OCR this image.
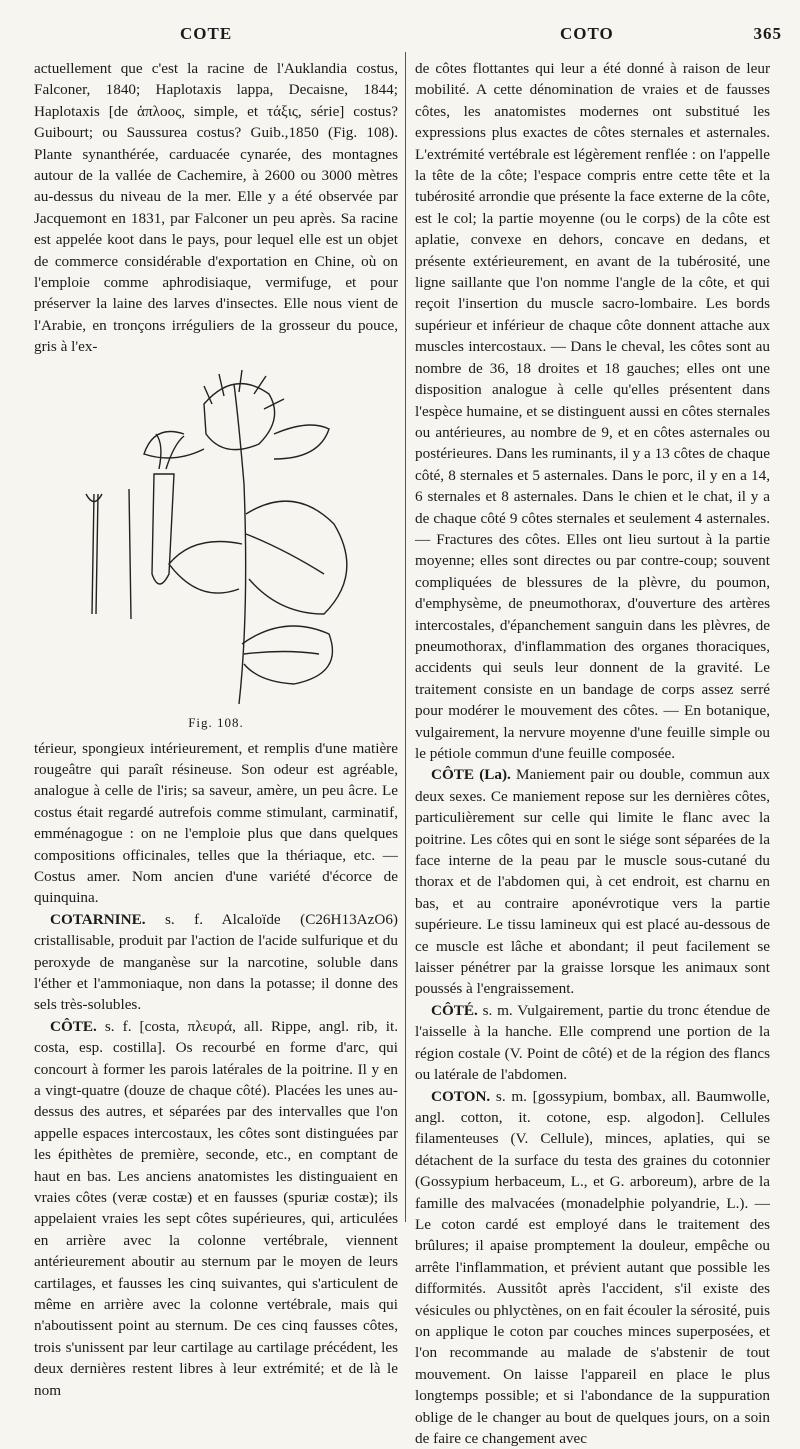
COTE	COTO	365

actuellement que c'est la racine de l'Auklandia costus, Falconer, 1840; Haplotaxis lappa, Decaisne, 1844; Haplotaxis [de ἁπλοος, simple, et τάξις, série] costus? Guibourt; ou Saussurea costus? Guib.,1850 (Fig. 108). Plante synanthérée, carduacée cynarée, des montagnes autour de la vallée de Cachemire, à 2600 ou 3000 mètres au-dessus du niveau de la mer. Elle y a été observée par Jacquemont en 1831, par Falconer un peu après. Sa racine est appelée koot dans le pays, pour lequel elle est un objet de commerce considérable d'exportation en Chine, où on l'emploie comme aphrodisiaque, vermifuge, et pour préserver la laine des larves d'insectes. Elle nous vient de l'Arabie, en tronçons irréguliers de la grosseur du pouce, gris à l'ex-

Fig. 108.

térieur, spongieux intérieurement, et remplis d'une matière rougeâtre qui paraît résineuse. Son odeur est agréable, analogue à celle de l'iris; sa saveur, amère, un peu âcre. Le costus était regardé autrefois comme stimulant, carminatif, emménagogue : on ne l'emploie plus que dans quelques compositions officinales, telles que la thériaque, etc. — Costus amer. Nom ancien d'une variété d'écorce de quinquina.

COTARNINE. s. f. Alcaloïde (C26H13AzO6) cristallisable, produit par l'action de l'acide sulfurique et du peroxyde de manganèse sur la narcotine, soluble dans l'éther et l'ammoniaque, non dans la potasse; il donne des sels très-solubles.

CÔTE. s. f. [costa, πλευρά, all. Rippe, angl. rib, it. costa, esp. costilla]. Os recourbé en forme d'arc, qui concourt à former les parois latérales de la poitrine. Il y en a vingt-quatre (douze de chaque côté). Placées les unes au-dessus des autres, et séparées par des intervalles que l'on appelle espaces intercostaux, les côtes sont distinguées par les épithètes de première, seconde, etc., en comptant de haut en bas. Les anciens anatomistes les distinguaient en vraies côtes (veræ costæ) et en fausses (spuriæ costæ); ils appelaient vraies les sept côtes supérieures, qui, articulées en arrière avec la colonne vertébrale, viennent antérieurement aboutir au sternum par le moyen de leurs cartilages, et fausses les cinq suivantes, qui s'articulent de même en arrière avec la colonne vertébrale, mais qui n'aboutissent point au sternum. De ces cinq fausses côtes, trois s'unissent par leur cartilage au cartilage précédent, les deux dernières restent libres à leur extrémité; et de là le nom

de côtes flottantes qui leur a été donné à raison de leur mobilité. A cette dénomination de vraies et de fausses côtes, les anatomistes modernes ont substitué les expressions plus exactes de côtes sternales et asternales. L'extrémité vertébrale est légèrement renflée : on l'appelle la tête de la côte; l'espace compris entre cette tête et la tubérosité arrondie que présente la face externe de la côte, est le col; la partie moyenne (ou le corps) de la côte est aplatie, convexe en dehors, concave en dedans, et présente extérieurement, en avant de la tubérosité, une ligne saillante que l'on nomme l'angle de la côte, et qui reçoit l'insertion du muscle sacro-lombaire. Les bords supérieur et inférieur de chaque côte donnent attache aux muscles intercostaux. — Dans le cheval, les côtes sont au nombre de 36, 18 droites et 18 gauches; elles ont une disposition analogue à celle qu'elles présentent dans l'espèce humaine, et se distinguent aussi en côtes sternales ou antérieures, au nombre de 9, et en côtes asternales ou postérieures. Dans les ruminants, il y a 13 côtes de chaque côté, 8 sternales et 5 asternales. Dans le porc, il y en a 14, 6 sternales et 8 asternales. Dans le chien et le chat, il y a de chaque côté 9 côtes sternales et seulement 4 asternales. — Fractures des côtes. Elles ont lieu surtout à la partie moyenne; elles sont directes ou par contre-coup; souvent compliquées de blessures de la plèvre, du poumon, d'emphysème, de pneumothorax, d'ouverture des artères intercostales, d'épanchement sanguin dans les plèvres, de pneumothorax, d'inflammation des organes thoraciques, accidents qui seuls leur donnent de la gravité. Le traitement consiste en un bandage de corps assez serré pour modérer le mouvement des côtes. — En botanique, vulgairement, la nervure moyenne d'une feuille simple ou le pétiole commun d'une feuille composée.

CÔTE (La). Maniement pair ou double, commun aux deux sexes. Ce maniement repose sur les dernières côtes, particulièrement sur celle qui limite le flanc avec la poitrine. Les côtes qui en sont le siége sont séparées de la face interne de la peau par le muscle sous-cutané du thorax et de l'abdomen qui, à cet endroit, est charnu en bas, et au contraire aponévrotique vers la partie supérieure. Le tissu lamineux qui est placé au-dessous de ce muscle est lâche et abondant; il peut facilement se laisser pénétrer par la graisse lorsque les animaux sont poussés à l'engraissement.

CÔTÉ. s. m. Vulgairement, partie du tronc étendue de l'aisselle à la hanche. Elle comprend une portion de la région costale (V. Point de côté) et de la région des flancs ou latérale de l'abdomen.

COTON. s. m. [gossypium, bombax, all. Baumwolle, angl. cotton, it. cotone, esp. algodon]. Cellules filamenteuses (V. Cellule), minces, aplaties, qui se détachent de la surface du testa des graines du cotonnier (Gossypium herbaceum, L., et G. arboreum), arbre de la famille des malvacées (monadelphie polyandrie, L.). — Le coton cardé est employé dans le traitement des brûlures; il apaise promptement la douleur, empêche ou arrête l'inflammation, et prévient autant que possible les difformités. Aussitôt après l'accident, s'il existe des vésicules ou phlyctènes, on en fait écouler la sérosité, puis on applique le coton par couches minces superposées, et l'on recommande au malade de s'abstenir de tout mouvement. On laisse l'appareil en place le plus longtemps possible; et si l'abondance de la suppuration oblige de le changer au bout de quelques jours, on a soin de faire ce changement avec
